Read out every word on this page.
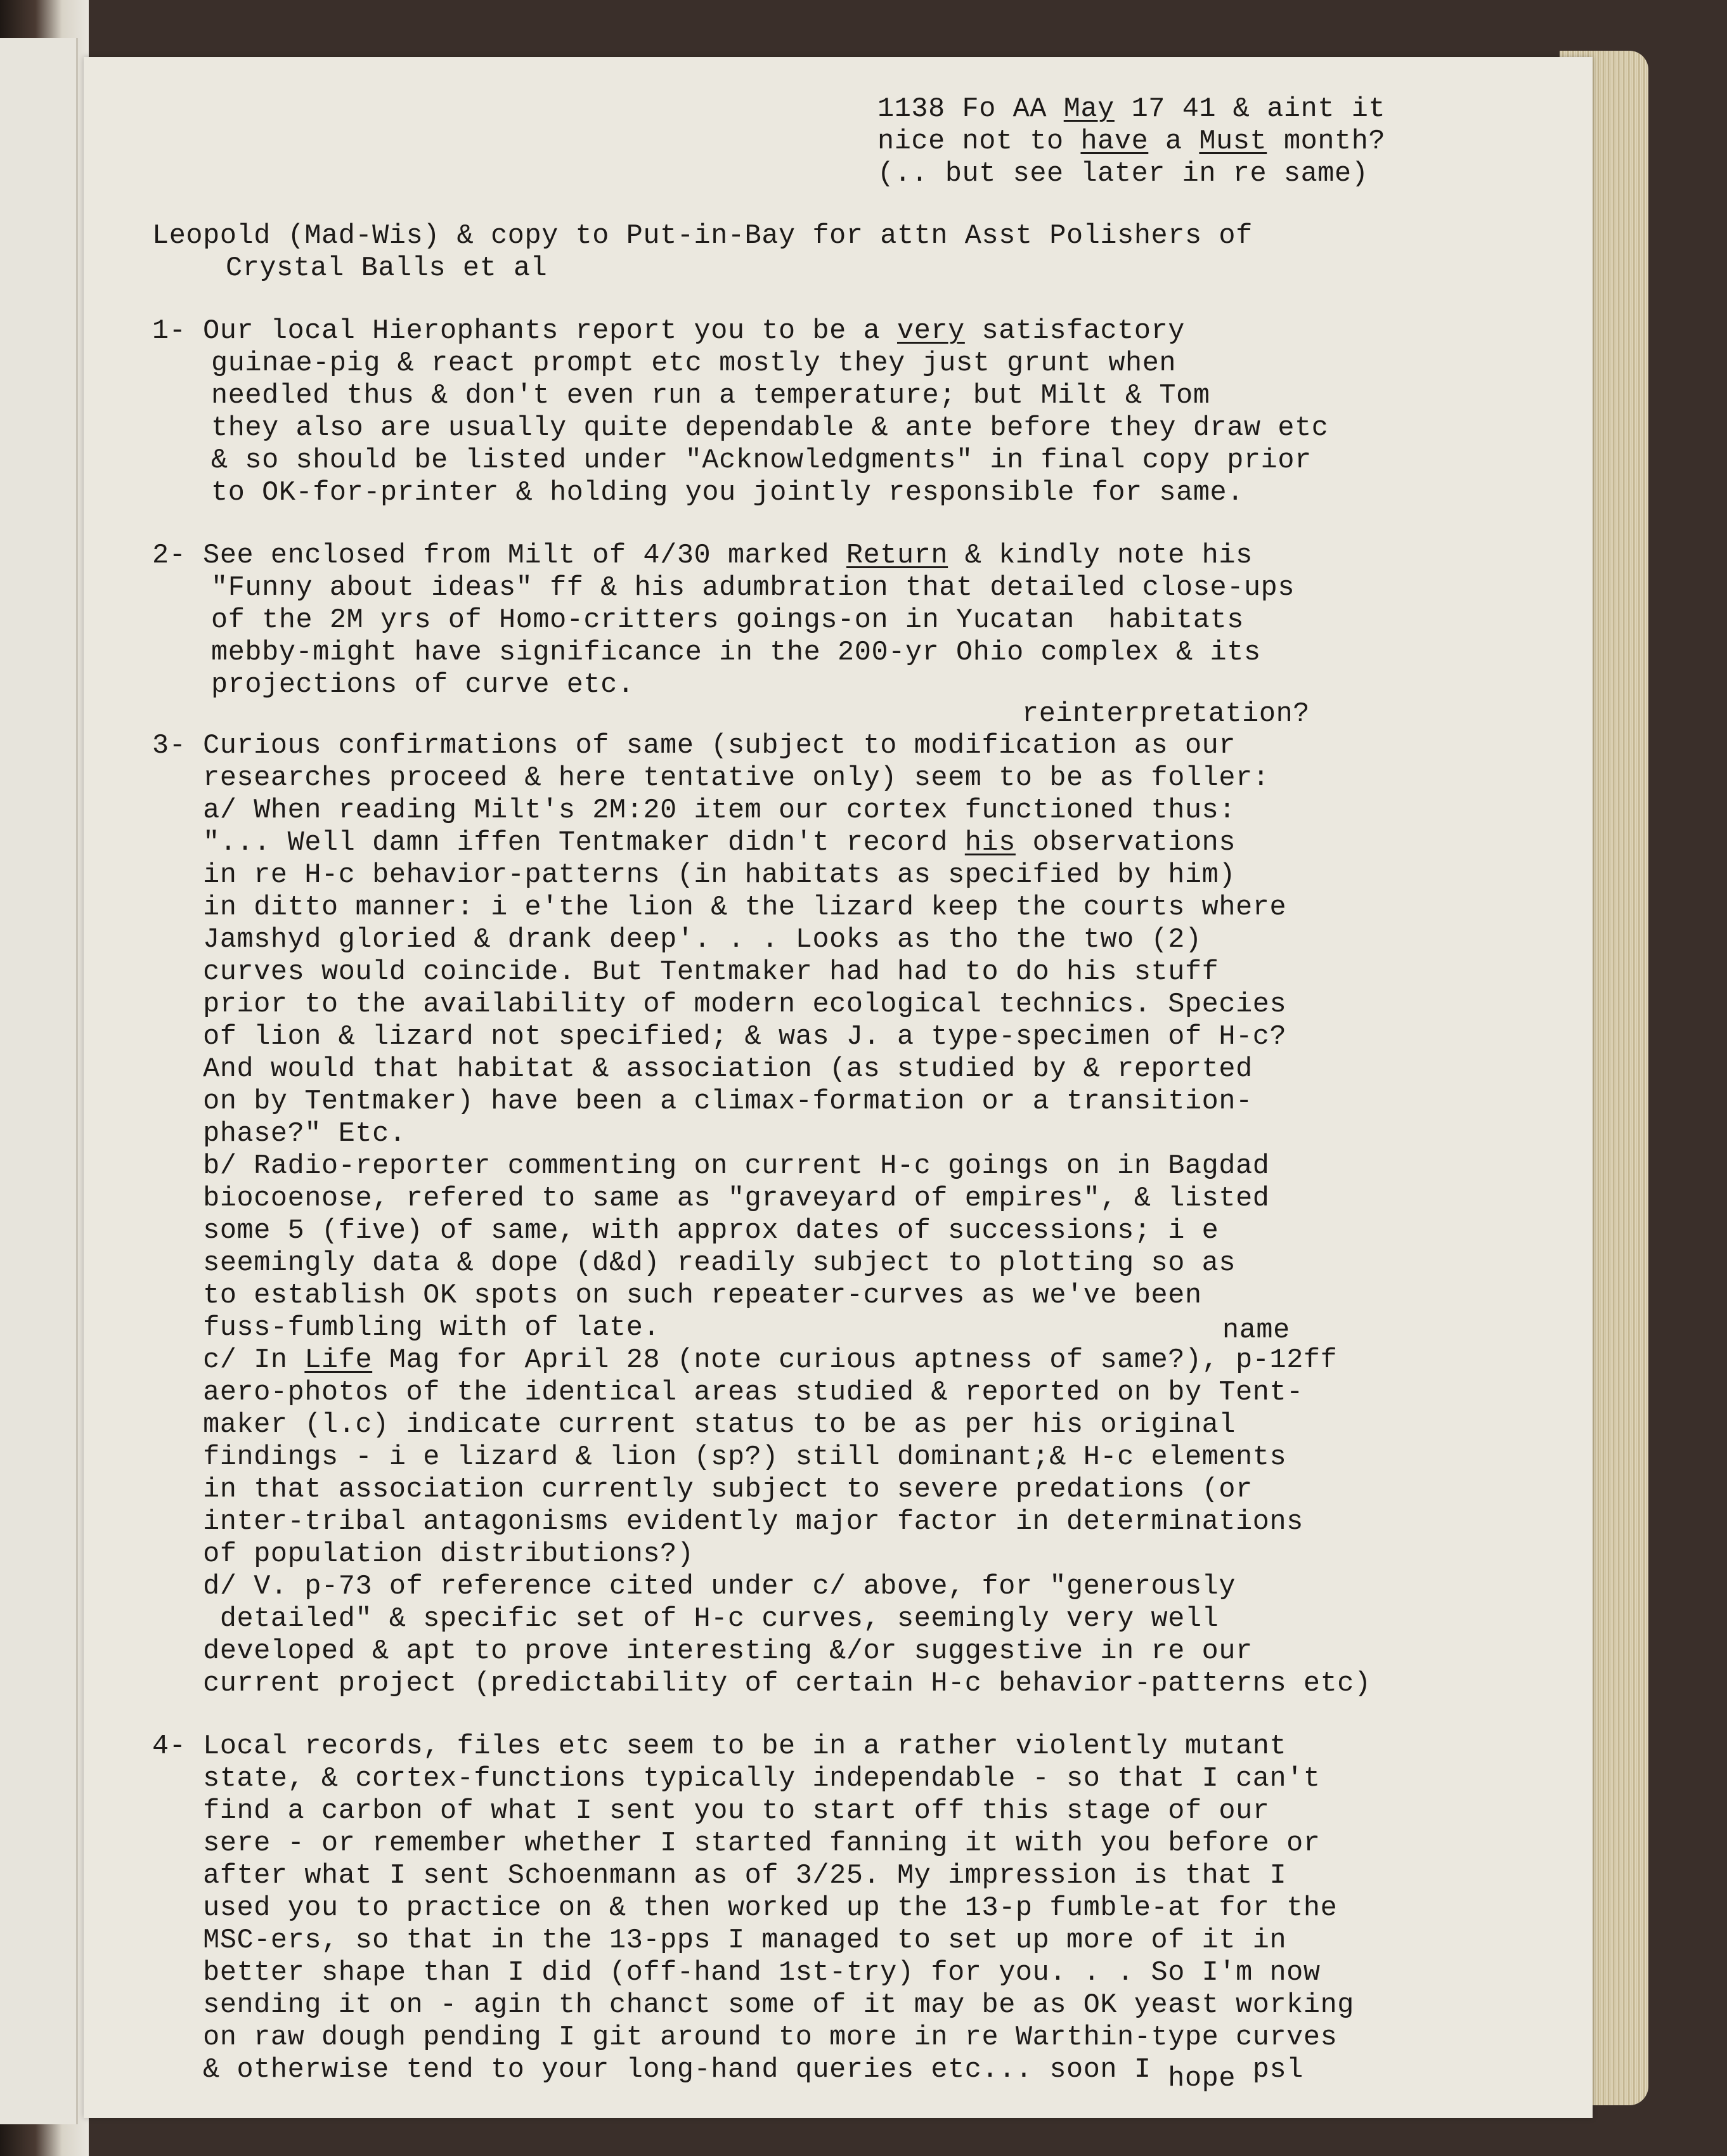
1138 Fo AA May 17 41 & aint it
nice not to have a Must month?
(.. but see later in re same)
Leopold (Mad-Wis) & copy to Put-in-Bay for attn Asst Polishers of
Crystal Balls et al
1- Our local Hierophants report you to be a very satisfactory
guinae-pig & react prompt etc mostly they just grunt when
needled thus & don't even run a temperature; but Milt & Tom
they also are usually quite dependable & ante before they draw etc
& so should be listed under "Acknowledgments" in final copy prior
to OK-for-printer & holding you jointly responsible for same.
2- See enclosed from Milt of 4/30 marked Return & kindly note his
"Funny about ideas" ff & his adumbration that detailed close-ups
of the 2M yrs of Homo-critters goings-on in Yucatan  habitats
mebby-might have significance in the 200-yr Ohio complex & its
projections of curve etc.
reinterpretation?
3- Curious confirmations of same (subject to modification as our
researches proceed & here tentative only) seem to be as foller:
a/ When reading Milt's 2M:20 item our cortex functioned thus:
"... Well damn iffen Tentmaker didn't record his observations
in re H-c behavior-patterns (in habitats as specified by him)
in ditto manner: i e'the lion & the lizard keep the courts where
Jamshyd gloried & drank deep'. . . Looks as tho the two (2)
curves would coincide. But Tentmaker had had to do his stuff
prior to the availability of modern ecological technics. Species
of lion & lizard not specified; & was J. a type-specimen of H-c?
And would that habitat & association (as studied by & reported
on by Tentmaker) have been a climax-formation or a transition-
phase?" Etc.
b/ Radio-reporter commenting on current H-c goings on in Bagdad
biocoenose, refered to same as "graveyard of empires", & listed
some 5 (five) of same, with approx dates of successions; i e
seemingly data & dope (d&d) readily subject to plotting so as
to establish OK spots on such repeater-curves as we've been
fuss-fumbling with of late.	name
c/ In Life Mag for April 28 (note curious aptness of same?), p-12ff
aero-photos of the identical areas studied & reported on by Tent-
maker (l.c) indicate current status to be as per his original
findings - i e lizard & lion (sp?) still dominant;& H-c elements
in that association currently subject to severe predations (or
inter-tribal antagonisms evidently major factor in determinations
of population distributions?)
d/ V. p-73 of reference cited under c/ above, for "generously
detailed" & specific set of H-c curves, seemingly very well
developed & apt to prove interesting &/or suggestive in re our
current project (predictability of certain H-c behavior-patterns etc)
4- Local records, files etc seem to be in a rather violently mutant
state, & cortex-functions typically independable - so that I can't
find a carbon of what I sent you to start off this stage of our
sere - or remember whether I started fanning it with you before or
after what I sent Schoenmann as of 3/25. My impression is that I
used you to practice on & then worked up the 13-p fumble-at for the
MSC-ers, so that in the 13-pps I managed to set up more of it in
better shape than I did (off-hand 1st-try) for you. . . So I'm now
sending it on - agin th chanct some of it may be as OK yeast working
on raw dough pending I git around to more in re Warthin-type curves
& otherwise tend to your long-hand queries etc... soon I hope psl
